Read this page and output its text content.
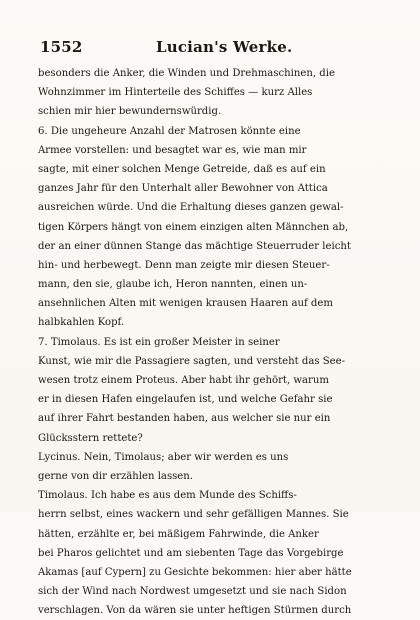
1552	Lucian's Werke.
besonders die Anker, die Winden und Drehmaschinen, die
Wohnzimmer im Hinterteile des Schiffes — kurz Alles
schien mir hier bewundernswürdig.
6. Die ungeheure Anzahl der Matrosen könnte eine
Armee vorstellen: und besagtet war es, wie man mir
sagte, mit einer solchen Menge Getreide, daß es auf ein
ganzes Jahr für den Unterhalt aller Bewohner von Attica
ausreichen würde. Und die Erhaltung dieses ganzen gewal-
tigen Körpers hängt von einem einzigen alten Männchen ab,
der an einer dünnen Stange das mächtige Steuerruder leicht
hin- und herbewegt. Denn man zeigte mir diesen Steuer-
mann, den sie, glaube ich, Heron nannten, einen un-
ansehnlichen Alten mit wenigen krausen Haaren auf dem
halbkahlen Kopf.
7. Timolaus. Es ist ein großer Meister in seiner
Kunst, wie mir die Passagiere sagten, und versteht das See-
wesen trotz einem Proteus. Aber habt ihr gehört, warum
er in diesen Hafen eingelaufen ist, und welche Gefahr sie
auf ihrer Fahrt bestanden haben, aus welcher sie nur ein
Glücksstern rettete?
Lycinus. Nein, Timolaus; aber wir werden es uns
gerne von dir erzählen lassen.
Timolaus. Ich habe es aus dem Munde des Schiffs-
herrn selbst, eines wackern und sehr gefälligen Mannes. Sie
hätten, erzählte er, bei mäßigem Fahrwinde, die Anker
bei Pharos gelichtet und am siebenten Tage das Vorgebirge
Akamas [auf Cypern] zu Gesichte bekommen: hier aber hätte
sich der Wind nach Nordwest umgesetzt und sie nach Sidon
verschlagen. Von da wären sie unter heftigen Stürmen durch
